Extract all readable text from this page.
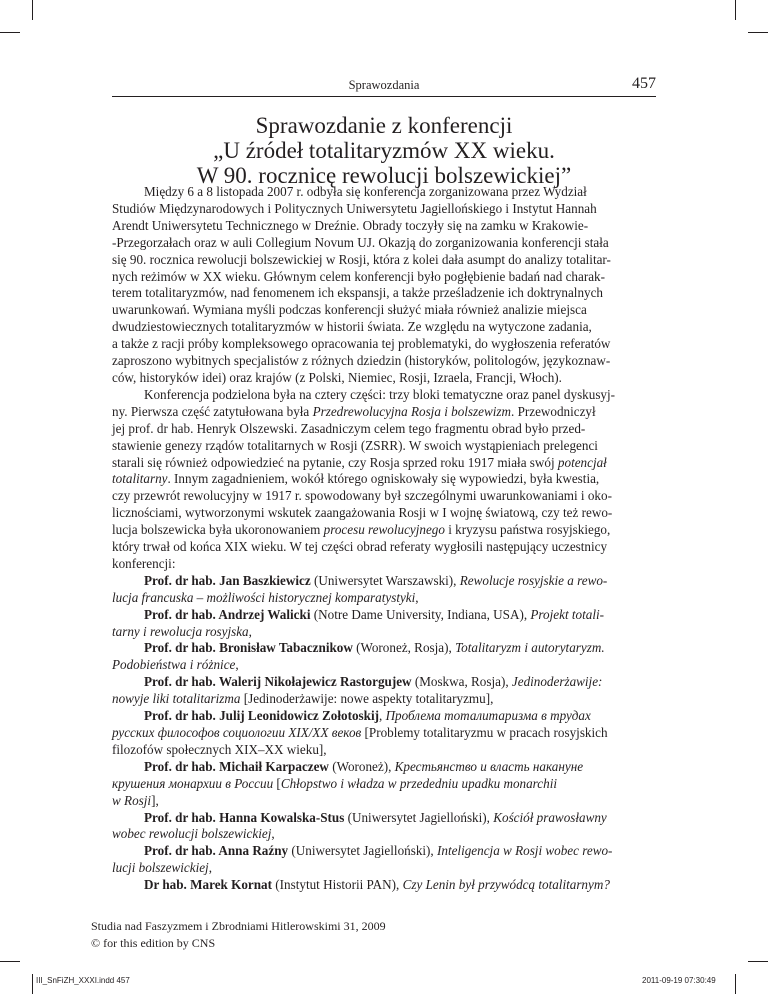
Sprawozdania	457
Sprawozdanie z konferencji
„U źródeł totalitaryzmów XX wieku.
W 90. rocznicę rewolucji bolszewickiej”
Między 6 a 8 listopada 2007 r. odbyła się konferencja zorganizowana przez Wydział
Studiów Międzynarodowych i Politycznych Uniwersytetu Jagiellońskiego i Instytut Hannah
Arendt Uniwersytetu Technicznego w Dreźnie. Obrady toczyły się na zamku w Krakowie-
-Przegorzałach oraz w auli Collegium Novum UJ. Okazją do zorganizowania konferencji stała
się 90. rocznica rewolucji bolszewickiej w Rosji, która z kolei dała asumpt do analizy totalitar-
nych reżimów w XX wieku. Głównym celem konferencji było pogłębienie badań nad charak-
terem totalitaryzmów, nad fenomenem ich ekspansji, a także prześladzenie ich doktrynalnych
uwarunkowań. Wymiana myśli podczas konferencji służyć miała również analizie miejsca
dwudziestowiecznych totalitaryzmów w historii świata. Ze względu na wytyczone zadania,
a także z racji próby kompleksowego opracowania tej problematyki, do wygłoszenia referatów
zaproszono wybitnych specjalistów z różnych dziedzin (historyków, politologów, językoznaw-
ców, historyków idei) oraz krajów (z Polski, Niemiec, Rosji, Izraela, Francji, Włoch).
Konferencja podzielona była na cztery części: trzy bloki tematyczne oraz panel dyskusyj-
ny. Pierwsza część zatytułowana była Przedrewolucyjna Rosja i bolszewizm. Przewodniczył
jej prof. dr hab. Henryk Olszewski. Zasadniczym celem tego fragmentu obrad było przed-
stawienie genezy rządów totalitarnych w Rosji (ZSRR). W swoich wystąpieniach prelegenci
starali się również odpowiedzieć na pytanie, czy Rosja sprzed roku 1917 miała swój potencjał
totalitarny. Innym zagadnieniem, wokół którego ogniskowały się wypowiedzi, była kwestia,
czy przewrót rewolucyjny w 1917 r. spowodowany był szczególnymi uwarunkowaniami i oko-
licznościami, wytworzonymi wskutek zaangażowania Rosji w I wojnę światową, czy też rewo-
lucja bolszewicka była ukoronowaniem procesu rewolucyjnego i kryzysu państwa rosyjskiego,
który trwał od końca XIX wieku. W tej części obrad referaty wygłosili następujący uczestnicy
konferencji:
Prof. dr hab. Jan Baszkiewicz (Uniwersytet Warszawski), Rewolucje rosyjskie a rewo-
lucja francuska – możliwości historycznej komparatystyki,
Prof. dr hab. Andrzej Walicki (Notre Dame University, Indiana, USA), Projekt totali-
tarny i rewolucja rosyjska,
Prof. dr hab. Bronisław Tabacznikow (Woroneż, Rosja), Totalitaryzm i autorytaryzm.
Podobieństwa i różnice,
Prof. dr hab. Walerij Nikołajewicz Rastorgujew (Moskwa, Rosja), Jedinoderżawije:
nowyje liki totalitarizma [Jedinoderżawije: nowe aspekty totalitaryzmu],
Prof. dr hab. Julij Leonidowicz Zołotoskij, Проблема тоталитаризма в трудах
русских философов социологии XIX/XX веков [Problemy totalitaryzmu w pracach rosyjskich
filozofów społecznych XIX–XX wieku],
Prof. dr hab. Michaił Karpaczew (Woroneż), Крестьянство и власть накануне
крушения монархии в России [Chłopstwo i władza w przededniu upadku monarchii
w Rosji],
Prof. dr hab. Hanna Kowalska-Stus (Uniwersytet Jagielloński), Kościół prawosławny
wobec rewolucji bolszewickiej,
Prof. dr hab. Anna Raźny (Uniwersytet Jagielloński), Inteligencja w Rosji wobec rewo-
lucji bolszewickiej,
Dr hab. Marek Kornat (Instytut Historii PAN), Czy Lenin był przywódcą totalitarnym?
Studia nad Faszyzmem i Zbrodniami Hitlerowskimi 31, 2009
© for this edition by CNS
III_SnFiZH_XXXI.indd 457	2011-09-19 07:30:49
